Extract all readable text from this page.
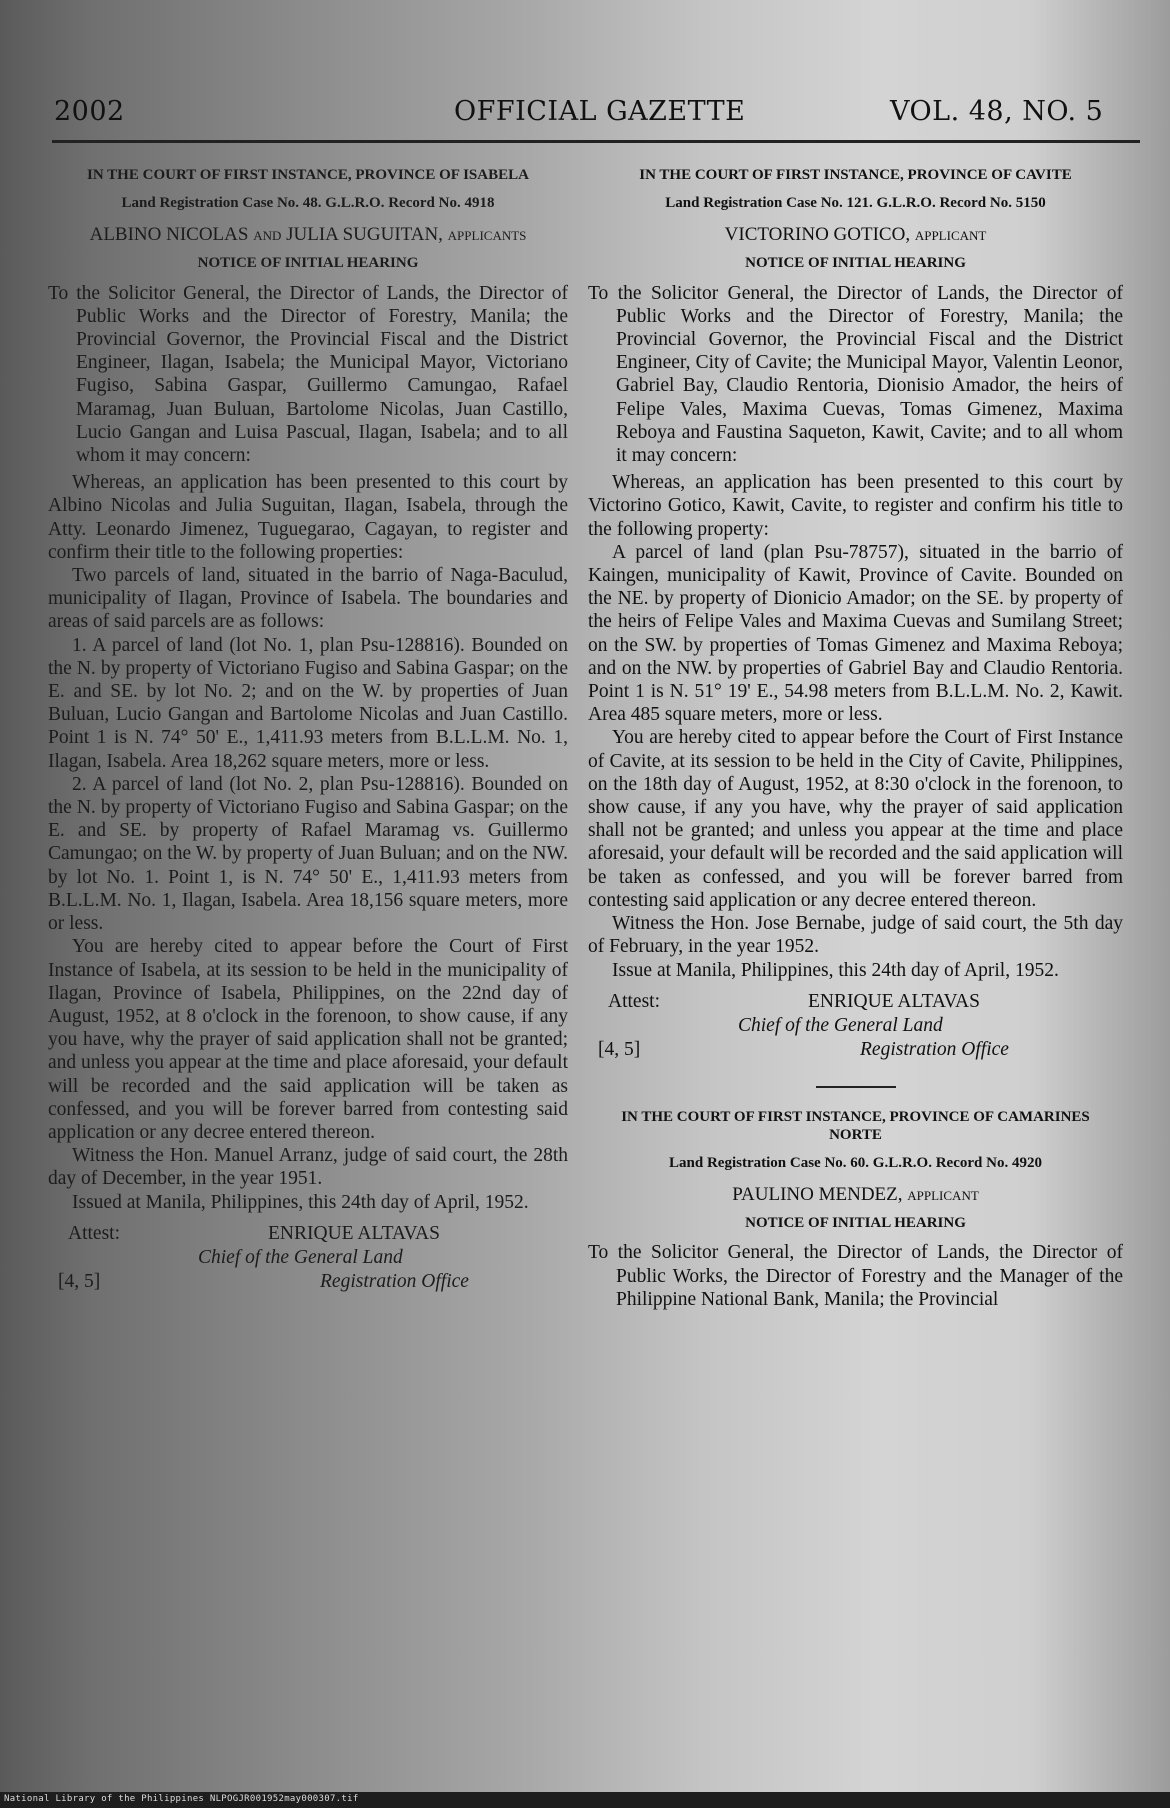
2002	OFFICIAL GAZETTE	VOL. 48, NO. 5
IN THE COURT OF FIRST INSTANCE, PROVINCE OF ISABELA
Land Registration Case No. 48. G.L.R.O. Record No. 4918
ALBINO NICOLAS and JULIA SUGUITAN, applicants
NOTICE OF INITIAL HEARING

To the Solicitor General, the Director of Lands, the Director of Public Works and the Director of Forestry, Manila; the Provincial Governor, the Provincial Fiscal and the District Engineer, Ilagan, Isabela; the Municipal Mayor, Victoriano Fugiso, Sabina Gaspar, Guillermo Camungao, Rafael Maramag, Juan Buluan, Bartolome Nicolas, Juan Castillo, Lucio Gangan and Luisa Pascual, Ilagan, Isabela; and to all whom it may concern:

Whereas, an application has been presented to this court by Albino Nicolas and Julia Suguitan, Ilagan, Isabela, through the Atty. Leonardo Jimenez, Tuguegarao, Cagayan, to register and confirm their title to the following properties:

Two parcels of land, situated in the barrio of Naga-Baculud, municipality of Ilagan, Province of Isabela. The boundaries and areas of said parcels are as follows:

1. A parcel of land (lot No. 1, plan Psu-128816). Bounded on the N. by property of Victoriano Fugiso and Sabina Gaspar; on the E. and SE. by lot No. 2; and on the W. by properties of Juan Buluan, Lucio Gangan and Bartolome Nicolas and Juan Castillo. Point 1 is N. 74° 50' E., 1,411.93 meters from B.L.L.M. No. 1, Ilagan, Isabela. Area 18,262 square meters, more or less.

2. A parcel of land (lot No. 2, plan Psu-128816). Bounded on the N. by property of Victoriano Fugiso and Sabina Gaspar; on the E. and SE. by property of Rafael Maramag vs. Guillermo Camungao; on the W. by property of Juan Buluan; and on the NW. by lot No. 1. Point 1, is N. 74° 50' E., 1,411.93 meters from B.L.L.M. No. 1, Ilagan, Isabela. Area 18,156 square meters, more or less.

You are hereby cited to appear before the Court of First Instance of Isabela, at its session to be held in the municipality of Ilagan, Province of Isabela, Philippines, on the 22nd day of August, 1952, at 8 o'clock in the forenoon, to show cause, if any you have, why the prayer of said application shall not be granted; and unless you appear at the time and place aforesaid, your default will be recorded and the said application will be taken as confessed, and you will be forever barred from contesting said application or any decree entered thereon.

Witness the Hon. Manuel Arranz, judge of said court, the 28th day of December, in the year 1951.

Issued at Manila, Philippines, this 24th day of April, 1952.

Attest:	ENRIQUE ALTAVAS
Chief of the General Land
[4, 5]	Registration Office
IN THE COURT OF FIRST INSTANCE, PROVINCE OF CAVITE
Land Registration Case No. 121. G.L.R.O. Record No. 5150
VICTORINO GOTICO, applicant
NOTICE OF INITIAL HEARING

To the Solicitor General, the Director of Lands, the Director of Public Works and the Director of Forestry, Manila; the Provincial Governor, the Provincial Fiscal and the District Engineer, City of Cavite; the Municipal Mayor, Valentin Leonor, Gabriel Bay, Claudio Rentoria, Dionisio Amador, the heirs of Felipe Vales, Maxima Cuevas, Tomas Gimenez, Maxima Reboya and Faustina Saqueton, Kawit, Cavite; and to all whom it may concern:

Whereas, an application has been presented to this court by Victorino Gotico, Kawit, Cavite, to register and confirm his title to the following property:

A parcel of land (plan Psu-78757), situated in the barrio of Kaingen, municipality of Kawit, Province of Cavite. Bounded on the NE. by property of Dionicio Amador; on the SE. by property of the heirs of Felipe Vales and Maxima Cuevas and Sumilang Street; on the SW. by properties of Tomas Gimenez and Maxima Reboya; and on the NW. by properties of Gabriel Bay and Claudio Rentoria. Point 1 is N. 51° 19' E., 54.98 meters from B.L.L.M. No. 2, Kawit. Area 485 square meters, more or less.

You are hereby cited to appear before the Court of First Instance of Cavite, at its session to be held in the City of Cavite, Philippines, on the 18th day of August, 1952, at 8:30 o'clock in the forenoon, to show cause, if any you have, why the prayer of said application shall not be granted; and unless you appear at the time and place aforesaid, your default will be recorded and the said application will be taken as confessed, and you will be forever barred from contesting said application or any decree entered thereon.

Witness the Hon. Jose Bernabe, judge of said court, the 5th day of February, in the year 1952.

Issue at Manila, Philippines, this 24th day of April, 1952.

Attest:	ENRIQUE ALTAVAS
Chief of the General Land
[4, 5]	Registration Office
IN THE COURT OF FIRST INSTANCE, PROVINCE OF CAMARINES NORTE
Land Registration Case No. 60. G.L.R.O. Record No. 4920
PAULINO MENDEZ, applicant
NOTICE OF INITIAL HEARING

To the Solicitor General, the Director of Lands, the Director of Public Works, the Director of Forestry and the Manager of the Philippine National Bank, Manila; the Provincial

National Library of the Philippines NLPOGJR001952may000307.tif
